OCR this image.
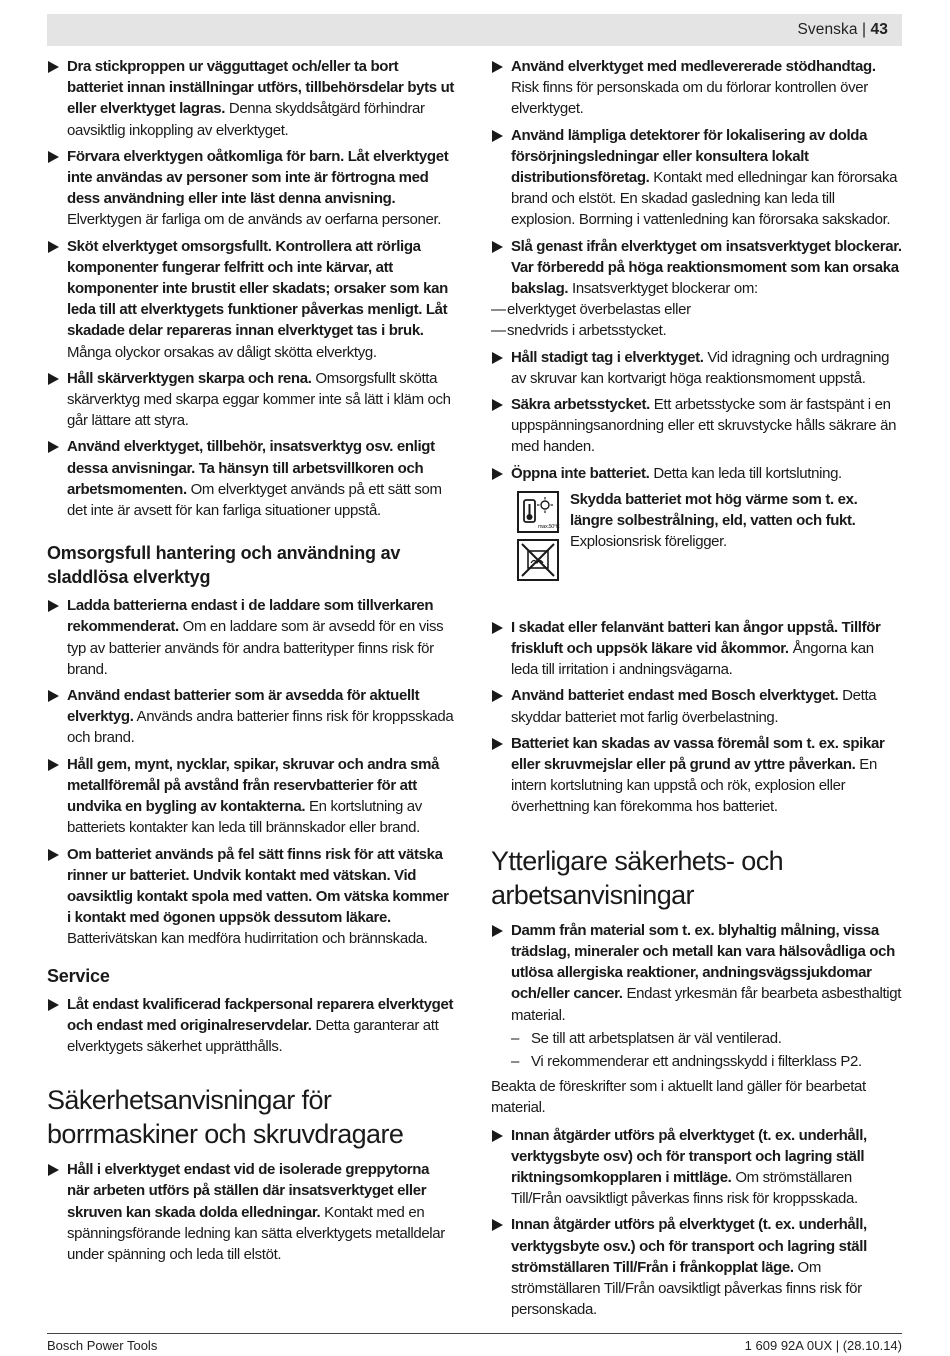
Svenska | 43
Dra stickproppen ur vägguttaget och/eller ta bort batteriet innan inställningar utförs, tillbehörsdelar byts ut eller elverktyget lagras. Denna skyddsåtgärd förhindrar oavsiktlig inkoppling av elverktyget.
Förvara elverktygen oåtkomliga för barn. Låt elverktyget inte användas av personer som inte är förtrogna med dess användning eller inte läst denna anvisning. Elverktygen är farliga om de används av oerfarna personer.
Sköt elverktyget omsorgsfullt. Kontrollera att rörliga komponenter fungerar felfritt och inte kärvar, att komponenter inte brustit eller skadats; orsaker som kan leda till att elverktygets funktioner påverkas menligt. Låt skadade delar repareras innan elverktyget tas i bruk. Många olyckor orsakas av dåligt skötta elverktyg.
Håll skärverktygen skarpa och rena. Omsorgsfullt skötta skärverktyg med skarpa eggar kommer inte så lätt i kläm och går lättare att styra.
Använd elverktyget, tillbehör, insatsverktyg osv. enligt dessa anvisningar. Ta hänsyn till arbetsvillkoren och arbetsmomenten. Om elverktyget används på ett sätt som det inte är avsett för kan farliga situationer uppstå.
Omsorgsfull hantering och användning av sladdlösa elverktyg
Ladda batterierna endast i de laddare som tillverkaren rekommenderat. Om en laddare som är avsedd för en viss typ av batterier används för andra batterityper finns risk för brand.
Använd endast batterier som är avsedda för aktuellt elverktyg. Används andra batterier finns risk för kroppsskada och brand.
Håll gem, mynt, nycklar, spikar, skruvar och andra små metallföremål på avstånd från reservbatterier för att undvika en bygling av kontakterna. En kortslutning av batteriets kontakter kan leda till brännskador eller brand.
Om batteriet används på fel sätt finns risk för att vätska rinner ur batteriet. Undvik kontakt med vätskan. Vid oavsiktlig kontakt spola med vatten. Om vätska kommer i kontakt med ögonen uppsök dessutom läkare. Batterivätskan kan medföra hudirritation och brännskada.
Service
Låt endast kvalificerad fackpersonal reparera elverktyget och endast med originalreservdelar. Detta garanterar att elverktygets säkerhet upprätthålls.
Säkerhetsanvisningar för borrmaskiner och skruvdragare
Håll i elverktyget endast vid de isolerade greppytorna när arbeten utförs på ställen där insatsverktyget eller skruven kan skada dolda elledningar. Kontakt med en spänningsförande ledning kan sätta elverktygets metalldelar under spänning och leda till elstöt.
Använd elverktyget med medlevererade stödhandtag. Risk finns för personskada om du förlorar kontrollen över elverktyget.
Använd lämpliga detektorer för lokalisering av dolda försörjningsledningar eller konsultera lokalt distributionsföretag. Kontakt med elledningar kan förorsaka brand och elstöt. En skadad gasledning kan leda till explosion. Borrning i vattenledning kan förorsaka sakskador.
Slå genast ifrån elverktyget om insatsverktyget blockerar. Var förberedd på höga reaktionsmoment som kan orsaka bakslag. Insatsverktyget blockerar om:
— elverktyget överbelastas eller
— snedvrids i arbetsstycket.
Håll stadigt tag i elverktyget. Vid idragning och urdragning av skruvar kan kortvarigt höga reaktionsmoment uppstå.
Säkra arbetsstycket. Ett arbetsstycke som är fastspänt i en uppspänningsanordning eller ett skruvstycke hålls säkrare än med handen.
Öppna inte batteriet. Detta kan leda till kortslutning.
max.50°C
Skydda batteriet mot hög värme som t. ex. längre solbestrålning, eld, vatten och fukt.
Explosionsrisk föreligger.
I skadat eller felanvänt batteri kan ångor uppstå. Tillför friskluft och uppsök läkare vid åkommor. Ångorna kan leda till irritation i andningsvägarna.
Använd batteriet endast med Bosch elverktyget. Detta skyddar batteriet mot farlig överbelastning.
Batteriet kan skadas av vassa föremål som t. ex. spikar eller skruvmejslar eller på grund av yttre påverkan. En intern kortslutning kan uppstå och rök, explosion eller överhettning kan förekomma hos batteriet.
Ytterligare säkerhets- och arbetsanvisningar
Damm från material som t. ex. blyhaltig målning, vissa trädslag, mineraler och metall kan vara hälsovådliga och utlösa allergiska reaktioner, andningsvägssjukdomar och/eller cancer. Endast yrkesmän får bearbeta asbesthaltigt material.
– Se till att arbetsplatsen är väl ventilerad.
– Vi rekommenderar ett andningsskydd i filterklass P2.
Beakta de föreskrifter som i aktuellt land gäller för bearbetat material.
Innan åtgärder utförs på elverktyget (t. ex. underhåll, verktygsbyte osv) och för transport och lagring ställ riktningsomkopplaren i mittläge. Om strömställaren Till/Från oavsiktligt påverkas finns risk för kroppsskada.
Innan åtgärder utförs på elverktyget (t. ex. underhåll, verktygsbyte osv.) och för transport och lagring ställ strömställaren Till/Från i frånkopplat läge. Om strömställaren Till/Från oavsiktligt påverkas finns risk för personskada.
Bosch Power Tools	1 609 92A 0UX | (28.10.14)
